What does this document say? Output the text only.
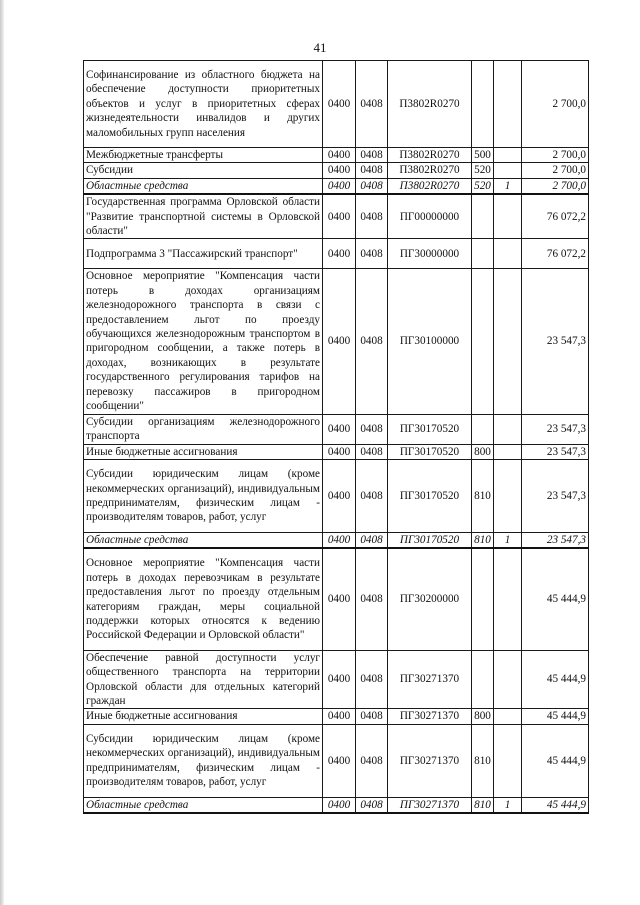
41
Софинансирование из областного бюджета на обеспечение доступности приоритетных объектов и услуг в приоритетных сферах жизнедеятельности инвалидов и других маломобильных групп населения	0400	0408	П3802R0270			2 700,0
Межбюджетные трансферты	0400	0408	П3802R0270	500		2 700,0
Субсидии	0400	0408	П3802R0270	520		2 700,0
Областные средства	0400	0408	П3802R0270	520	1	2 700,0
Государственная программа Орловской области "Развитие транспортной системы в Орловской области"	0400	0408	ПГ00000000			76 072,2
Подпрограмма 3 "Пассажирский транспорт"	0400	0408	ПГ30000000			76 072,2
Основное мероприятие "Компенсация части потерь в доходах организациям железнодорожного транспорта в связи с предоставлением льгот по проезду обучающихся железнодорожным транспортом в пригородном сообщении, а также потерь в доходах, возникающих в результате государственного регулирования тарифов на перевозку пассажиров в пригородном сообщении"	0400	0408	ПГ30100000			23 547,3
Субсидии организациям железнодорожного транспорта	0400	0408	ПГ30170520			23 547,3
Иные бюджетные ассигнования	0400	0408	ПГ30170520	800		23 547,3
Субсидии юридическим лицам (кроме некоммерческих организаций), индивидуальным предпринимателям, физическим лицам - производителям товаров, работ, услуг	0400	0408	ПГ30170520	810		23 547,3
Областные средства	0400	0408	ПГ30170520	810	1	23 547,3
Основное мероприятие "Компенсация части потерь в доходах перевозчикам в результате предоставления льгот по проезду отдельным категориям граждан, меры социальной поддержки которых относятся к ведению Российской Федерации и Орловской области"	0400	0408	ПГ30200000			45 444,9
Обеспечение равной доступности услуг общественного транспорта на территории Орловской области для отдельных категорий граждан	0400	0408	ПГ30271370			45 444,9
Иные бюджетные ассигнования	0400	0408	ПГ30271370	800		45 444,9
Субсидии юридическим лицам (кроме некоммерческих организаций), индивидуальным предпринимателям, физическим лицам - производителям товаров, работ, услуг	0400	0408	ПГ30271370	810		45 444,9
Областные средства	0400	0408	ПГ30271370	810	1	45 444,9
